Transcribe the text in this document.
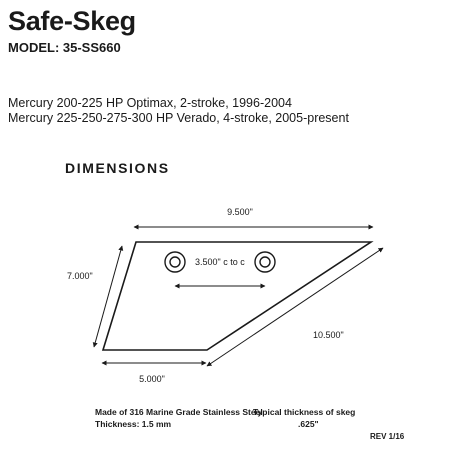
Safe-Skeg
MODEL: 35-SS660
Mercury 200-225 HP Optimax, 2-stroke, 1996-2004
Mercury 225-250-275-300 HP Verado, 4-stroke, 2005-present
DIMENSIONS
9.500"
7.000"
3.500" c to c
10.500"
5.000"
Made of 316 Marine Grade Stainless Steel
Thickness: 1.5 mm
Typical thickness of skeg
.625"
REV 1/16
